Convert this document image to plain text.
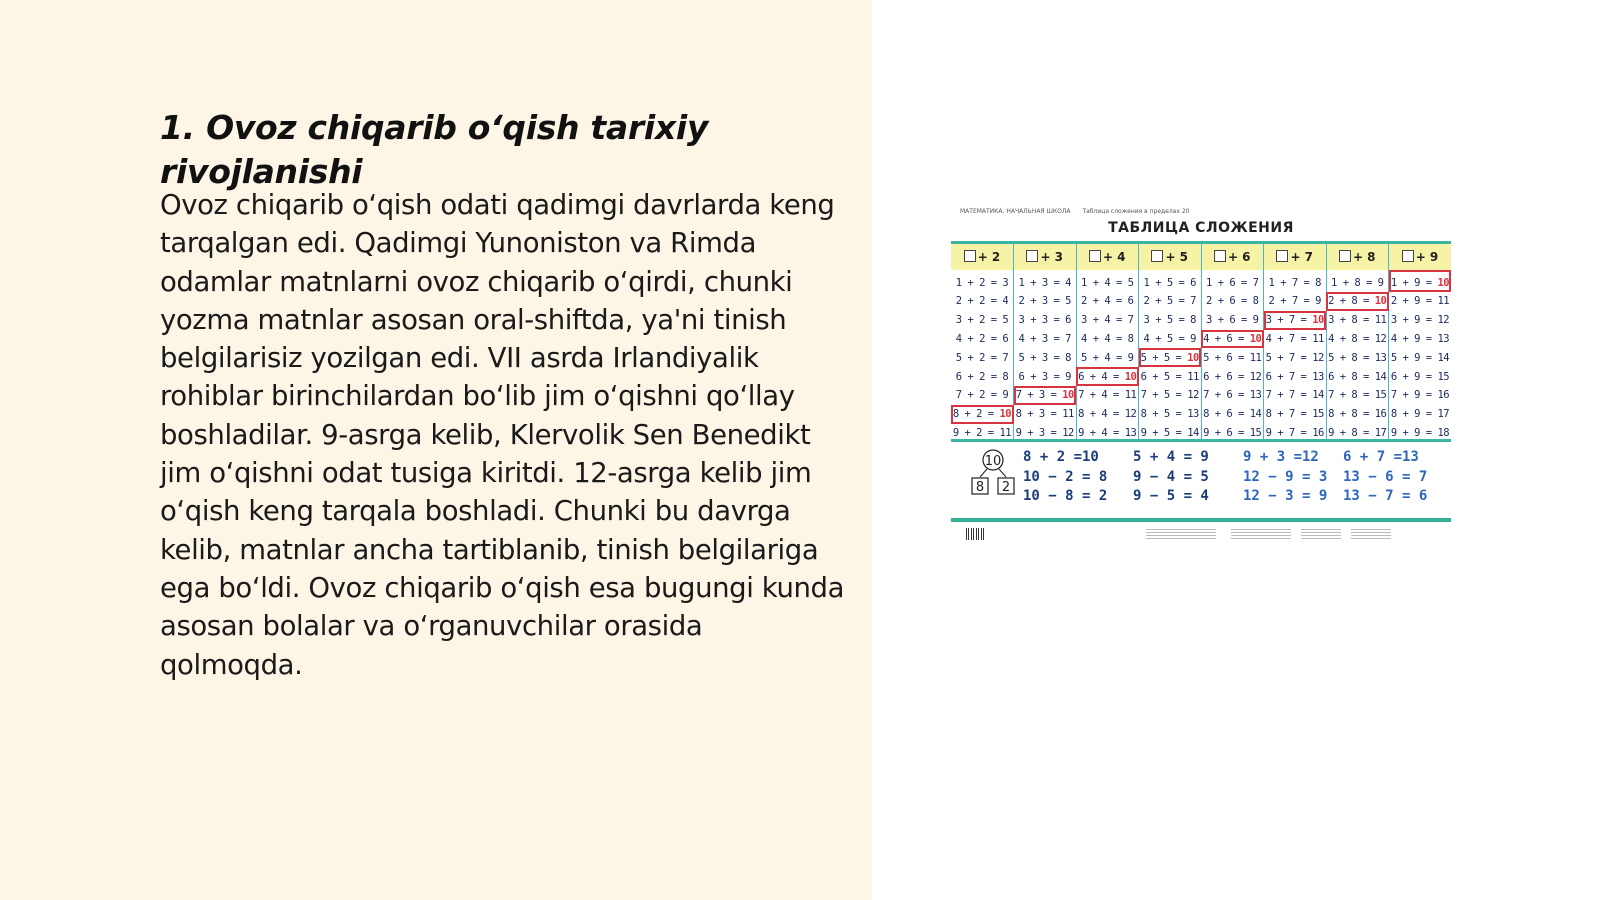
1. Ovoz chiqarib o‘qish tarixiy rivojlanishi

Ovoz chiqarib o‘qish odati qadimgi davrlarda keng tarqalgan edi. Qadimgi Yunoniston va Rimda odamlar matnlarni ovoz chiqarib o‘qirdi, chunki yozma matnlar asosan oral-shiftda, ya'ni tinish belgilarisiz yozilgan edi. VII asrda Irlandiyalik rohiblar birinchilardan bo‘lib jim o‘qishni qo‘llay boshladilar. 9-asrga kelib, Klervolik Sen Benedikt jim o‘qishni odat tusiga kiritdi. 12-asrga kelib jim o‘qish keng tarqala boshladi. Chunki bu davrga kelib, matnlar ancha tartiblanib, tinish belgilariga ega bo‘ldi. Ovoz chiqarib o‘qish esa bugungi kunda asosan bolalar va o‘rganuvchilar orasida qolmoqda.

МАТЕМАТИКА. НАЧАЛЬНАЯ ШКОЛА Таблица сложения в пределах 20
ТАБЛИЦА СЛОЖЕНИЯ
+ 2	+ 3	+ 4	+ 5	+ 6	+ 7	+ 8	+ 9
1 + 2 = 3	1 + 3 = 4	1 + 4 = 5	1 + 5 = 6	1 + 6 = 7	1 + 7 = 8	1 + 8 = 9	1 + 9 = 10
2 + 2 = 4	2 + 3 = 5	2 + 4 = 6	2 + 5 = 7	2 + 6 = 8	2 + 7 = 9	2 + 8 = 10	2 + 9 = 11
3 + 2 = 5	3 + 3 = 6	3 + 4 = 7	3 + 5 = 8	3 + 6 = 9	3 + 7 = 10	3 + 8 = 11	3 + 9 = 12
4 + 2 = 6	4 + 3 = 7	4 + 4 = 8	4 + 5 = 9	4 + 6 = 10	4 + 7 = 11	4 + 8 = 12	4 + 9 = 13
5 + 2 = 7	5 + 3 = 8	5 + 4 = 9	5 + 5 = 10	5 + 6 = 11	5 + 7 = 12	5 + 8 = 13	5 + 9 = 14
6 + 2 = 8	6 + 3 = 9	6 + 4 = 10	6 + 5 = 11	6 + 6 = 12	6 + 7 = 13	6 + 8 = 14	6 + 9 = 15
7 + 2 = 9	7 + 3 = 10	7 + 4 = 11	7 + 5 = 12	7 + 6 = 13	7 + 7 = 14	7 + 8 = 15	7 + 9 = 16
8 + 2 = 10	8 + 3 = 11	8 + 4 = 12	8 + 5 = 13	8 + 6 = 14	8 + 7 = 15	8 + 8 = 16	8 + 9 = 17
9 + 2 = 11	9 + 3 = 12	9 + 4 = 13	9 + 5 = 14	9 + 6 = 15	9 + 7 = 16	9 + 8 = 17	9 + 9 = 18
10
8 2
8 + 2 =10
10 − 2 = 8
10 − 8 = 2
5 + 4 = 9
9 − 4 = 5
9 − 5 = 4
9 + 3 =12
12 − 9 = 3
12 − 3 = 9
6 + 7 =13
13 − 6 = 7
13 − 7 = 6
